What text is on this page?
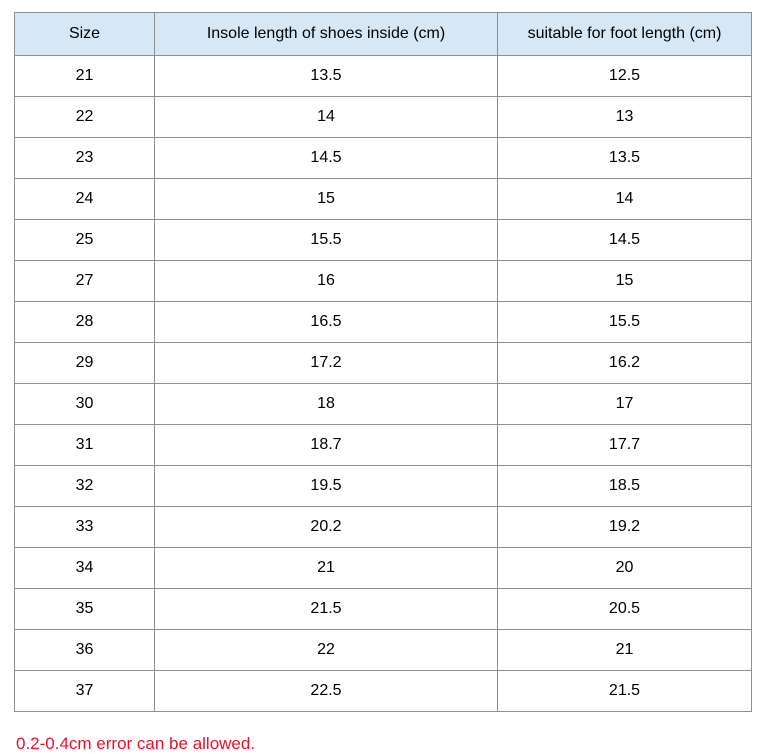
Size	Insole length of shoes inside (cm)	suitable for foot length (cm)
21	13.5	12.5
22	14	13
23	14.5	13.5
24	15	14
25	15.5	14.5
27	16	15
28	16.5	15.5
29	17.2	16.2
30	18	17
31	18.7	17.7
32	19.5	18.5
33	20.2	19.2
34	21	20
35	21.5	20.5
36	22	21
37	22.5	21.5
0.2-0.4cm error can be allowed.
